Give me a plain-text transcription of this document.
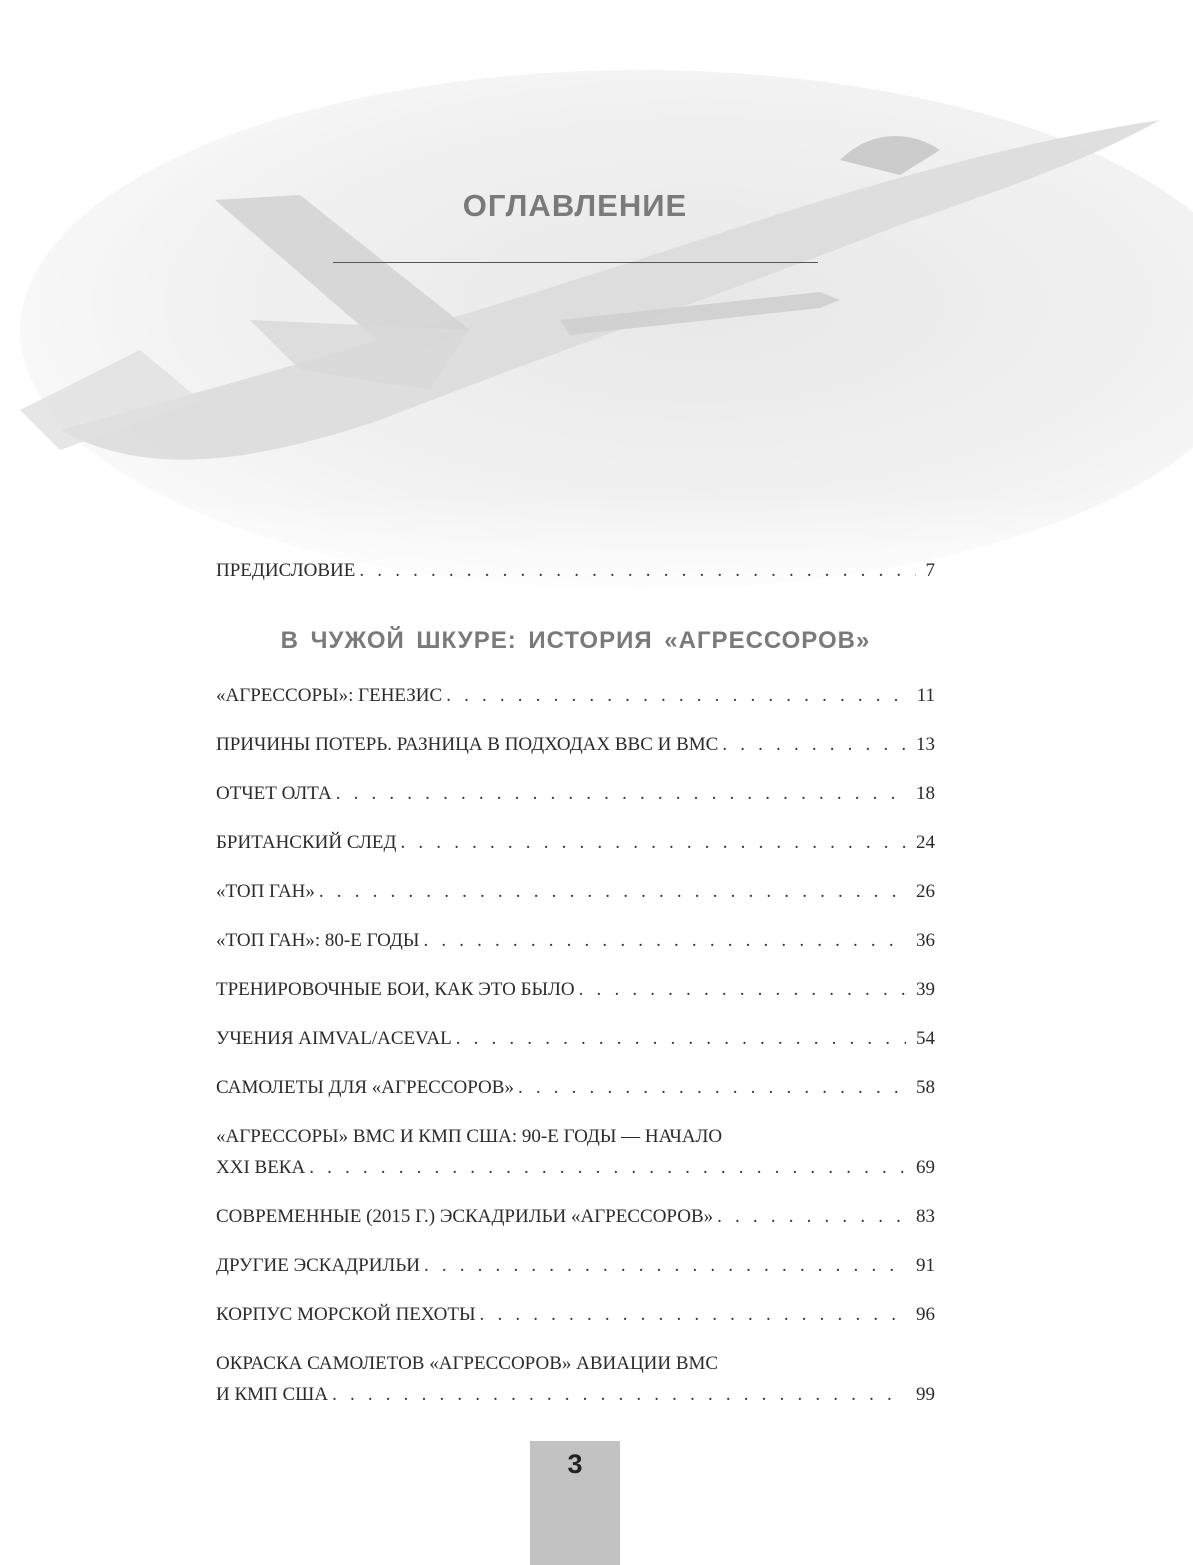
ОГЛАВЛЕНИЕ
ПРЕДИСЛОВИЕ . . .	7
В ЧУЖОЙ ШКУРЕ: ИСТОРИЯ «АГРЕССОРОВ»
«АГРЕССОРЫ»: ГЕНЕЗИС . . .	11
ПРИЧИНЫ ПОТЕРЬ. РАЗНИЦА В ПОДХОДАХ ВВС И ВМС . . .	13
ОТЧЕТ ОЛТА . . .	18
БРИТАНСКИЙ СЛЕД . . .	24
«ТОП ГАН» . . .	26
«ТОП ГАН»: 80-Е ГОДЫ . . .	36
ТРЕНИРОВОЧНЫЕ БОИ, КАК ЭТО БЫЛО . . .	39
УЧЕНИЯ AIMVAL/ACEVAL . . .	54
САМОЛЕТЫ ДЛЯ «АГРЕССОРОВ» . . .	58
«АГРЕССОРЫ» ВМС И КМП США: 90-Е ГОДЫ — НАЧАЛО
XXI ВЕКА . . .	69
СОВРЕМЕННЫЕ (2015 Г.) ЭСКАДРИЛЬИ «АГРЕССОРОВ» . . .	83
ДРУГИЕ ЭСКАДРИЛЬИ . . .	91
КОРПУС МОРСКОЙ ПЕХОТЫ . . .	96
ОКРАСКА САМОЛЕТОВ «АГРЕССОРОВ» АВИАЦИИ ВМС
И КМП США . . .	99
3
